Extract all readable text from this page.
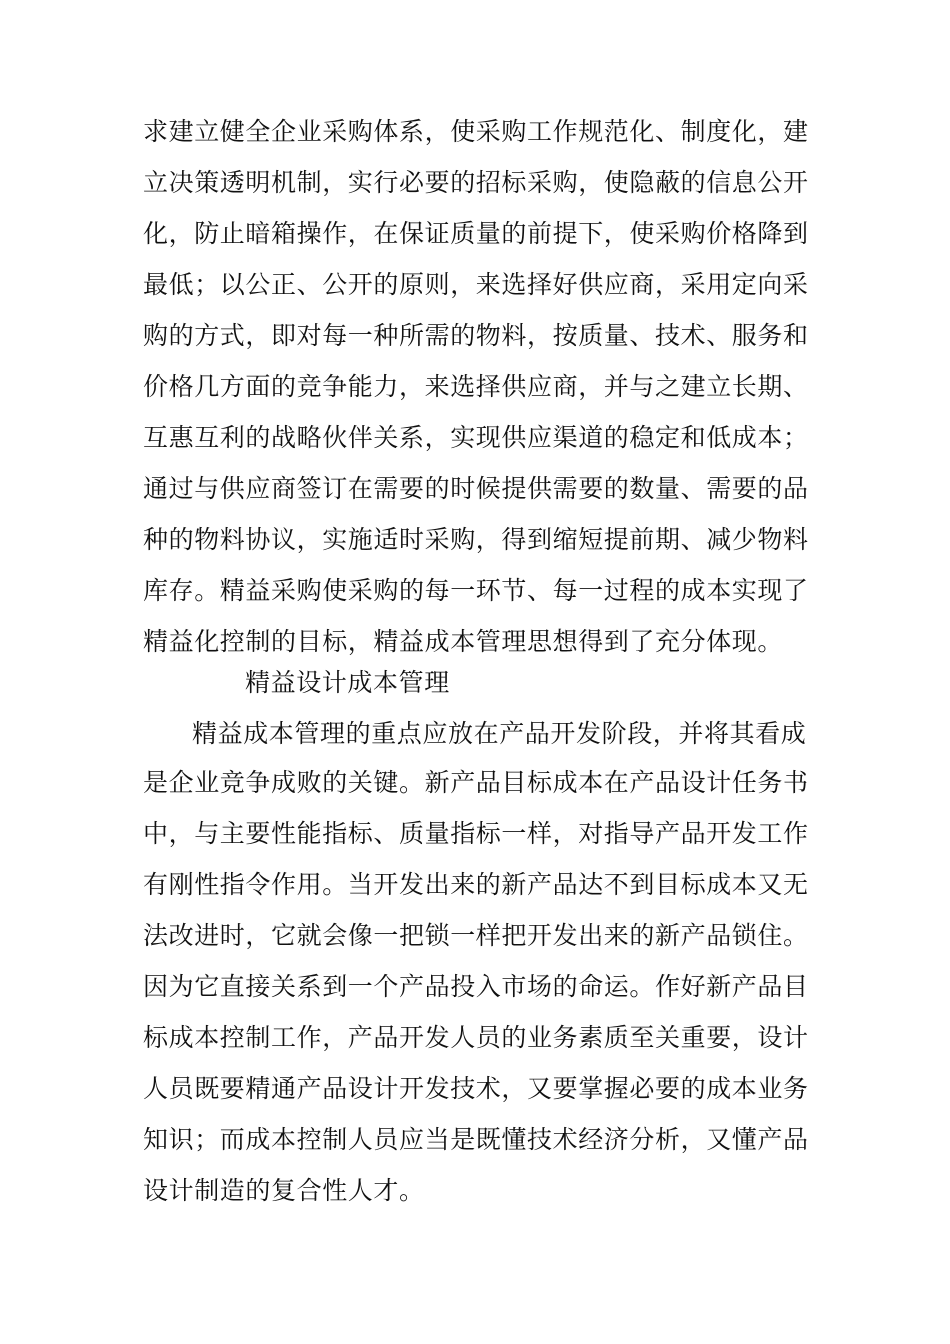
求建立健全企业采购体系，使采购工作规范化、制度化，建
立决策透明机制，实行必要的招标采购，使隐蔽的信息公开
化，防止暗箱操作，在保证质量的前提下，使采购价格降到
最低；以公正、公开的原则，来选择好供应商，采用定向采
购的方式，即对每一种所需的物料，按质量、技术、服务和
价格几方面的竞争能力，来选择供应商，并与之建立长期、
互惠互利的战略伙伴关系，实现供应渠道的稳定和低成本；
通过与供应商签订在需要的时候提供需要的数量、需要的品
种的物料协议，实施适时采购，得到缩短提前期、减少物料
库存。精益采购使采购的每一环节、每一过程的成本实现了
精益化控制的目标，精益成本管理思想得到了充分体现。
精益设计成本管理
精益成本管理的重点应放在产品开发阶段，并将其看成
是企业竞争成败的关键。新产品目标成本在产品设计任务书
中，与主要性能指标、质量指标一样，对指导产品开发工作
有刚性指令作用。当开发出来的新产品达不到目标成本又无
法改进时，它就会像一把锁一样把开发出来的新产品锁住。
因为它直接关系到一个产品投入市场的命运。作好新产品目
标成本控制工作，产品开发人员的业务素质至关重要，设计
人员既要精通产品设计开发技术，又要掌握必要的成本业务
知识；而成本控制人员应当是既懂技术经济分析，又懂产品
设计制造的复合性人才。
